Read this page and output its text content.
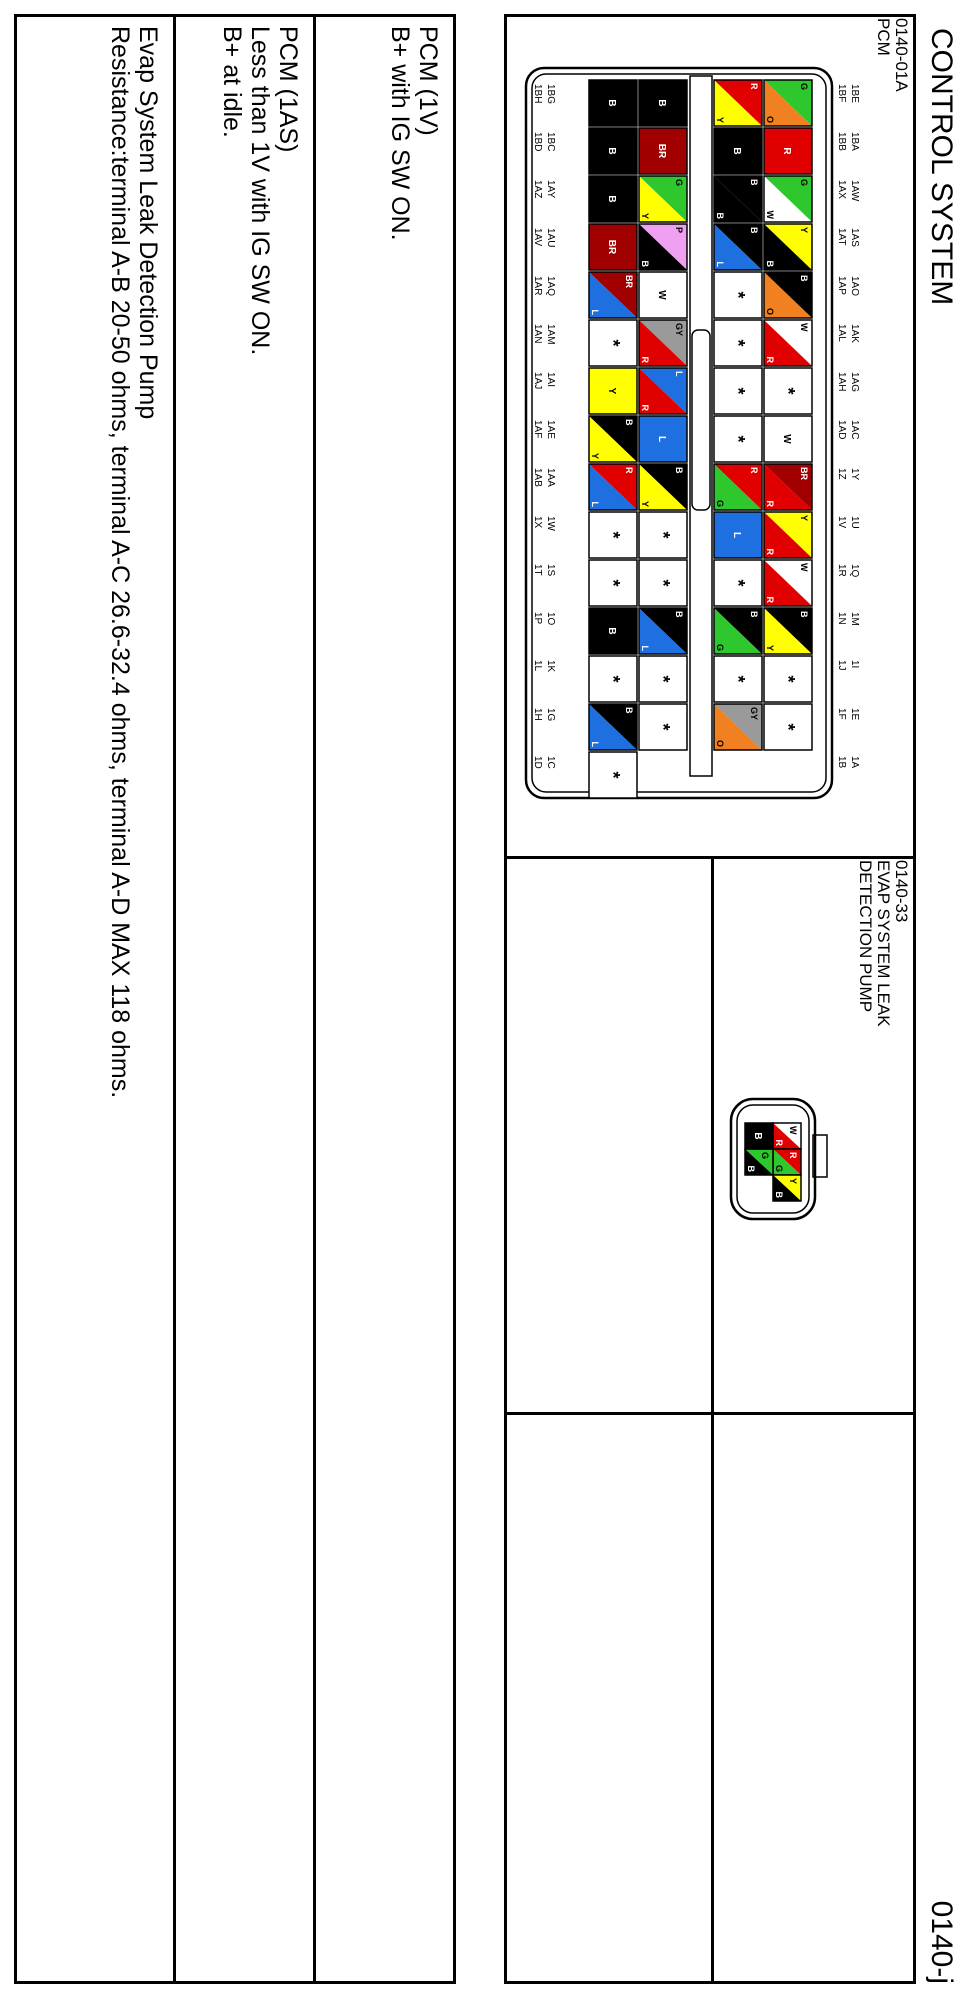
CONTROL SYSTEM
0140-j
0140-01A
PCM
1BE
1BF
1BA
1BB
1AW
1AX
1AS
1AT
1AO
1AP
1AK
1AL
1AG
1AH
1AC
1AD
1Y
1Z
1U
1V
1Q
1R
1M
1N
1I
1J
1E
1F
1A
1B
1BG
1BH
1BC
1BD
1AY
1AZ
1AU
1AV
1AQ
1AR
1AM
1AN
1AI
1AJ
1AE
1AF
1AA
1AB
1W
1X
1S
1T
1O
1P
1K
1L
1G
1H
1C
1D
G
O
R
G
W
Y
B
B
O
W
R
*
W
BR
R
Y
R
W
R
B
Y
*
*
R
Y
B
B
B
B
L
*
*
*
*
R
G
L
*
B
G
*
GY
O
B
BR
G
Y
P
B
W
GY
R
L
R
L
B
Y
*
*
B
L
*
*
B
B
B
BR
BR
L
*
Y
B
Y
R
L
*
*
B
*
B
L
*
0140-33
EVAP SYSTEM LEAK
DETECTION PUMP
W
R
R
G
Y
B
G
B
B
PCM (1V)
B+ with IG SW ON.
PCM (1AS)
Less than 1V with IG SW ON.
B+ at idle.
Evap System Leak Detection Pump
Resistance:terminal A-B 20-50 ohms, terminal A-C 26.6-32.4 ohms, terminal A-D MAX 118 ohms.
